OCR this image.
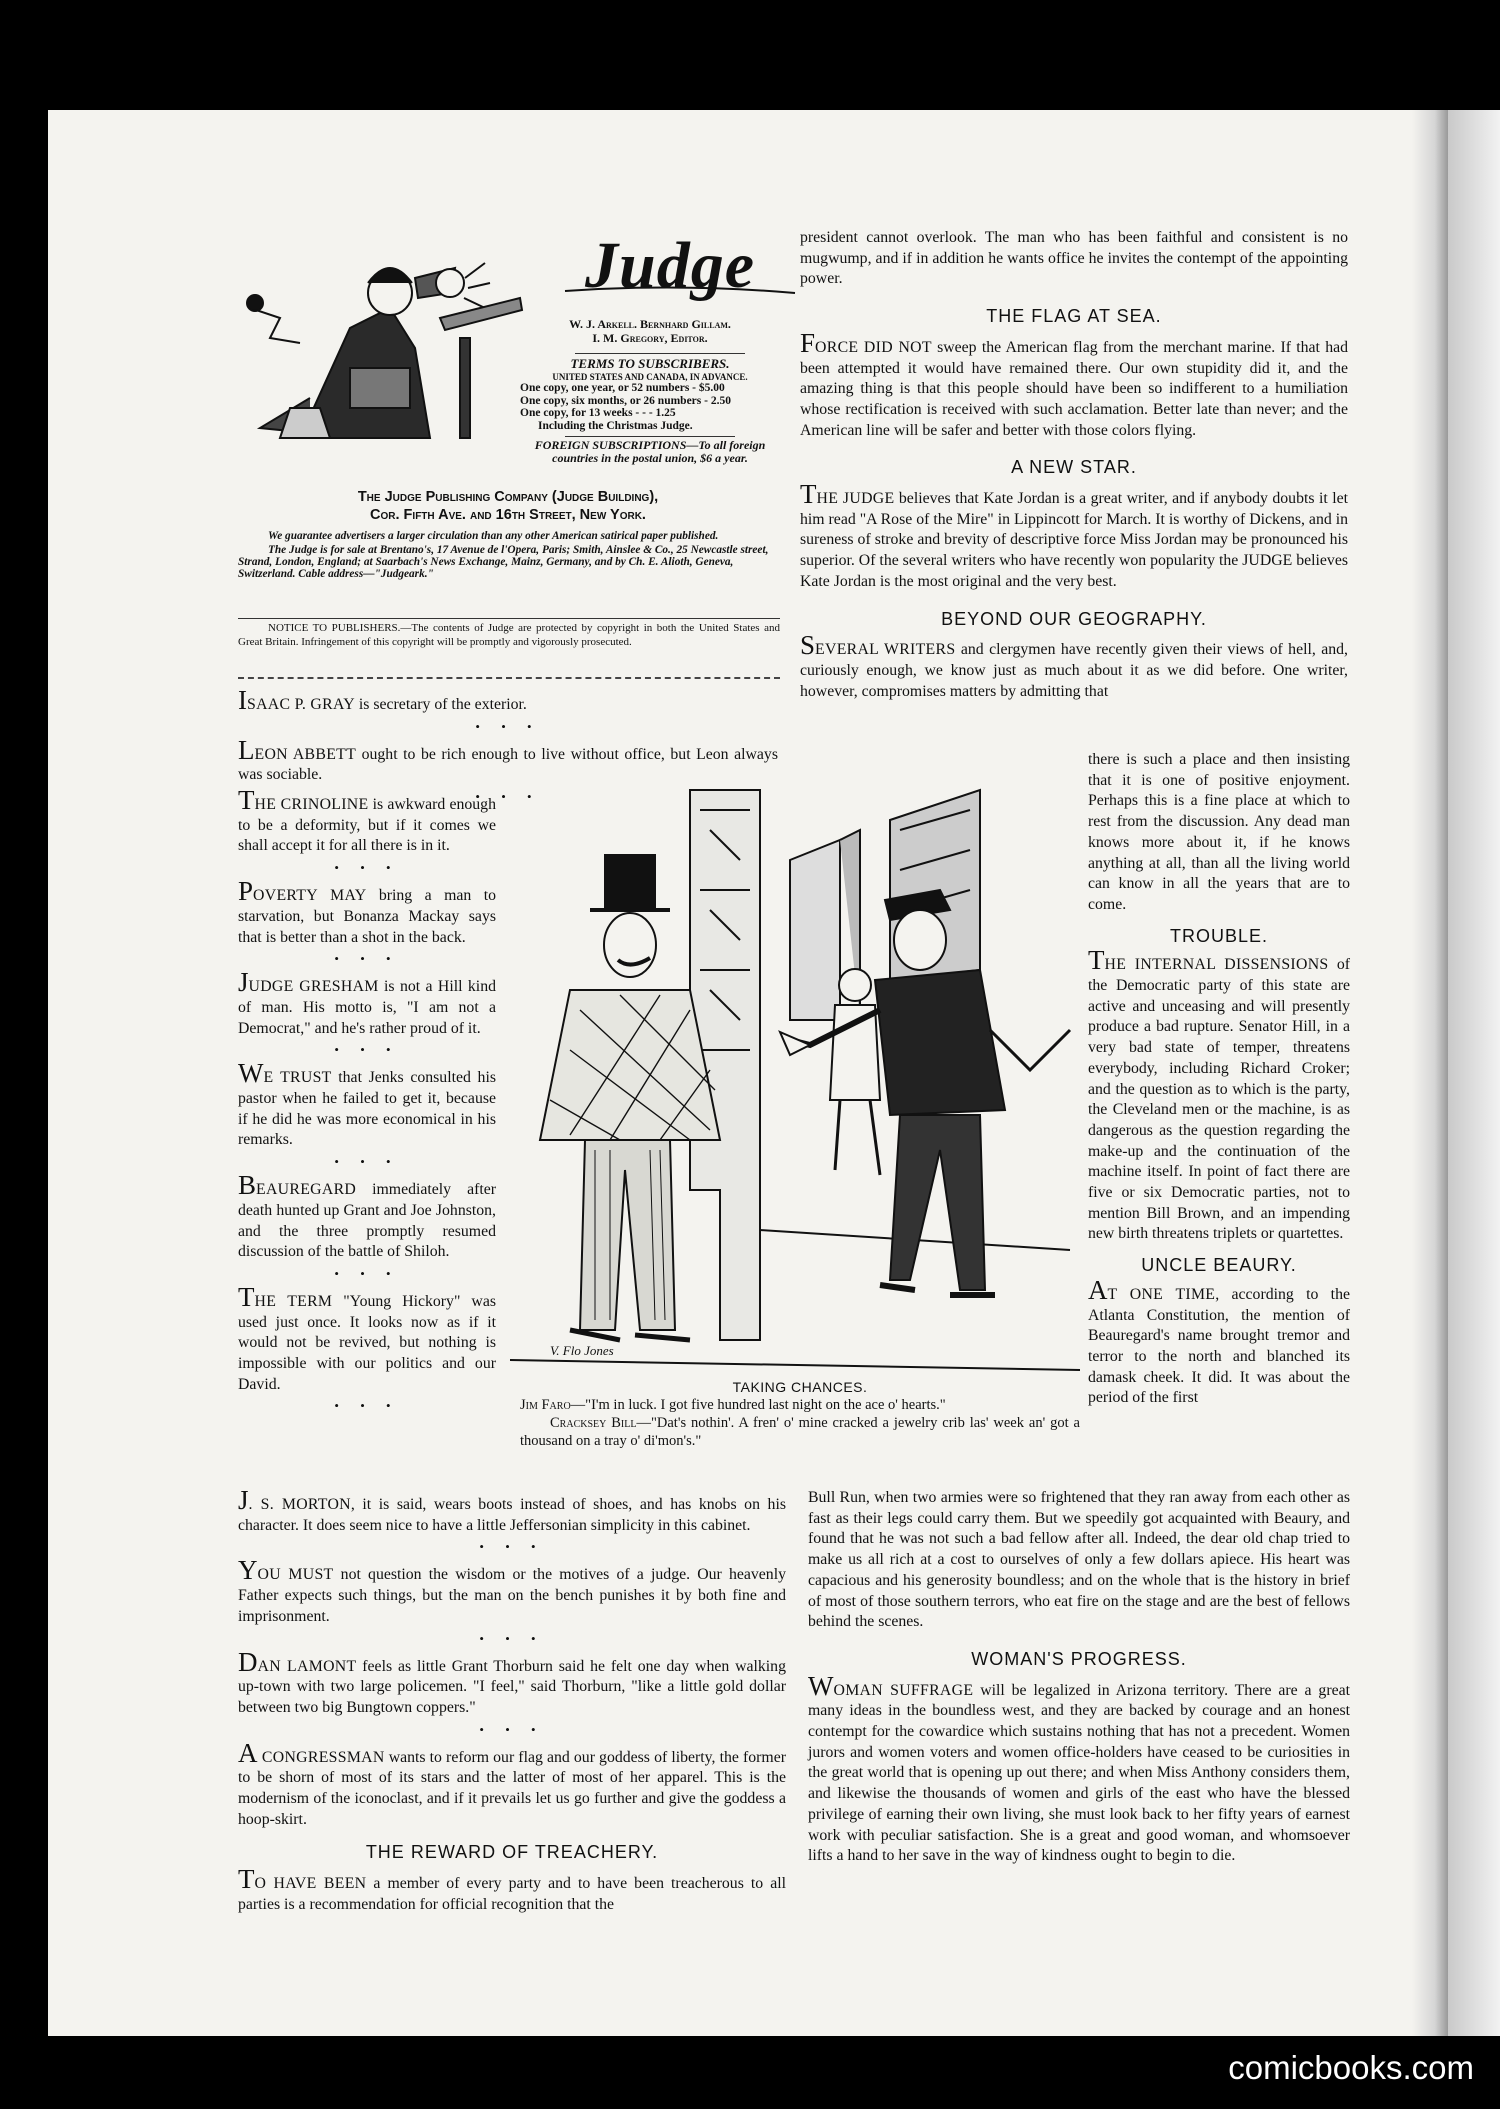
Judge
W. J. Arkell. Bernhard Gillam.
I. M. Gregory, Editor.
TERMS TO SUBSCRIBERS.
UNITED STATES AND CANADA, IN ADVANCE.
One copy, one year, or 52 numbers - $5.00
One copy, six months, or 26 numbers - 2.50
One copy, for 13 weeks - - - 1.25
Including the Christmas Judge.
FOREIGN SUBSCRIPTIONS—To all foreign countries in the postal union, $6 a year.
The Judge Publishing Company (Judge Building),
Cor. Fifth Ave. and 16th Street, New York.
We guarantee advertisers a larger circulation than any other American satirical paper published.
The Judge is for sale at Brentano's, 17 Avenue de l'Opera, Paris; Smith, Ainslee & Co., 25 Newcastle street, Strand, London, England; at Saarbach's News Exchange, Mainz, Germany, and by Ch. E. Alioth, Geneva, Switzerland. Cable address—"Judgeark."
NOTICE TO PUBLISHERS.—The contents of Judge are protected by copyright in both the United States and Great Britain. Infringement of this copyright will be promptly and vigorously prosecuted.

ISAAC P. GRAY is secretary of the exterior.

• • •

LEON ABBETT ought to be rich enough to live without office, but Leon always was sociable.

• • •

THE CRINOLINE is awkward enough to be a deformity, but if it comes we shall accept it for all there is in it.

• • •

POVERTY MAY bring a man to starvation, but Bonanza Mackay says that is better than a shot in the back.

• • •

JUDGE GRESHAM is not a Hill kind of man. His motto is, "I am not a Democrat," and he's rather proud of it.

• • •

WE TRUST that Jenks consulted his pastor when he failed to get it, because if he did he was more economical in his remarks.

• • •

BEAUREGARD immediately after death hunted up Grant and Joe Johnston, and the three promptly resumed discussion of the battle of Shiloh.

• • •

THE TERM "Young Hickory" was used just once. It looks now as if it would not be revived, but nothing is impossible with our politics and our David.

• • •

J. S. MORTON, it is said, wears boots instead of shoes, and has knobs on his character. It does seem nice to have a little Jeffersonian simplicity in this cabinet.

• • •

YOU MUST not question the wisdom or the motives of a judge. Our heavenly Father expects such things, but the man on the bench punishes it by both fine and imprisonment.

• • •

DAN LAMONT feels as little Grant Thorburn said he felt one day when walking up-town with two large policemen. "I feel," said Thorburn, "like a little gold dollar between two big Bungtown coppers."

• • •

A CONGRESSMAN wants to reform our flag and our goddess of liberty, the former to be shorn of most of its stars and the latter of most of her apparel. This is the modernism of the iconoclast, and if it prevails let us go further and give the goddess a hoop-skirt.

THE REWARD OF TREACHERY.

TO HAVE BEEN a member of every party and to have been treacherous to all parties is a recommendation for official recognition that the

V. Flo Jones
TAKING CHANCES.

Jim Faro—"I'm in luck. I got five hundred last night on the ace o' hearts."

Cracksey Bill—"Dat's nothin'. A fren' o' mine cracked a jewelry crib las' week an' got a thousand on a tray o' di'mon's."

president cannot overlook. The man who has been faithful and consistent is no mugwump, and if in addition he wants office he invites the contempt of the appointing power.

THE FLAG AT SEA.

FORCE DID NOT sweep the American flag from the merchant marine. If that had been attempted it would have remained there. Our own stupidity did it, and the amazing thing is that this people should have been so indifferent to a humiliation whose rectification is received with such acclamation. Better late than never; and the American line will be safer and better with those colors flying.

A NEW STAR.

THE JUDGE believes that Kate Jordan is a great writer, and if anybody doubts it let him read "A Rose of the Mire" in Lippincott for March. It is worthy of Dickens, and in sureness of stroke and brevity of descriptive force Miss Jordan may be pronounced his superior. Of the several writers who have recently won popularity the JUDGE believes Kate Jordan is the most original and the very best.

BEYOND OUR GEOGRAPHY.

SEVERAL WRITERS and clergymen have recently given their views of hell, and, curiously enough, we know just as much about it as we did before. One writer, however, compromises matters by admitting that

there is such a place and then insisting that it is one of positive enjoyment. Perhaps this is a fine place at which to rest from the discussion. Any dead man knows more about it, if he knows anything at all, than all the living world can know in all the years that are to come.

TROUBLE.

THE INTERNAL DISSENSIONS of the Democratic party of this state are active and unceasing and will presently produce a bad rupture. Senator Hill, in a very bad state of temper, threatens everybody, including Richard Croker; and the question as to which is the party, the Cleveland men or the machine, is as dangerous as the question regarding the make-up and the continuation of the machine itself. In point of fact there are five or six Democratic parties, not to mention Bill Brown, and an impending new birth threatens triplets or quartettes.

UNCLE BEAURY.

AT ONE TIME, according to the Atlanta Constitution, the mention of Beauregard's name brought tremor and terror to the north and blanched its damask cheek. It did. It was about the period of the first

Bull Run, when two armies were so frightened that they ran away from each other as fast as their legs could carry them. But we speedily got acquainted with Beaury, and found that he was not such a bad fellow after all. Indeed, the dear old chap tried to make us all rich at a cost to ourselves of only a few dollars apiece. His heart was capacious and his generosity boundless; and on the whole that is the history in brief of most of those southern terrors, who eat fire on the stage and are the best of fellows behind the scenes.

WOMAN'S PROGRESS.

WOMAN SUFFRAGE will be legalized in Arizona territory. There are a great many ideas in the boundless west, and they are backed by courage and an honest contempt for the cowardice which sustains nothing that has not a precedent. Women jurors and women voters and women office-holders have ceased to be curiosities in the great world that is opening up out there; and when Miss Anthony considers them, and likewise the thousands of women and girls of the east who have the blessed privilege of earning their own living, she must look back to her fifty years of earnest work with peculiar satisfaction. She is a great and good woman, and whomsoever lifts a hand to her save in the way of kindness ought to begin to die.

comicbooks.com
